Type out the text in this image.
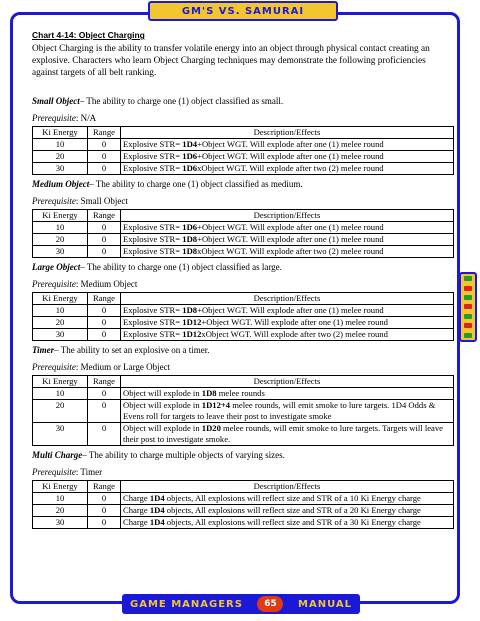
GM'S VS. SAMURAI

Chart 4-14: Object Charging

Object Charging is the ability to transfer volatile energy into an object through physical contact creating an explosive. Characters who learn Object Charging techniques may demonstrate the following proficiencies against targets of all belt ranking.

Small Object– The ability to charge one (1) object classified as small.

Prerequisite: N/A

Ki Energy	Range	Description/Effects
10	0	Explosive STR= 1D4+Object WGT. Will explode after one (1) melee round
20	0	Explosive STR= 1D6+Object WGT. Will explode after one (1) melee round
30	0	Explosive STR= 1D6xObject WGT. Will explode after two (2) melee round

Medium Object– The ability to charge one (1) object classified as medium.

Prerequisite: Small Object

Ki Energy	Range	Description/Effects
10	0	Explosive STR= 1D6+Object WGT. Will explode after one (1) melee round
20	0	Explosive STR= 1D8+Object WGT. Will explode after one (1) melee round
30	0	Explosive STR= 1D8xObject WGT. Will explode after two (2) melee round

Large Object– The ability to charge one (1) object classified as large.

Prerequisite: Medium Object

Ki Energy	Range	Description/Effects
10	0	Explosive STR= 1D8+Object WGT. Will explode after one (1) melee round
20	0	Explosive STR= 1D12+Object WGT. Will explode after one (1) melee round
30	0	Explosive STR= 1D12xObject WGT. Will explode after two (2) melee round

Timer– The ability to set an explosive on a timer.

Prerequisite: Medium or Large Object

Ki Energy	Range	Description/Effects
10	0	Object will explode in 1D8 melee rounds
20	0	Object will explode in 1D12+4 melee rounds, will emit smoke to lure targets. 1D4 Odds & Evens roll for targets to leave their post to investigate smoke
30	0	Object will explode in 1D20 melee rounds, will emit smoke to lure targets. Targets will leave their post to investigate smoke.

Multi Charge– The ability to charge multiple objects of varying sizes.

Prerequisite: Timer

Ki Energy	Range	Description/Effects
10	0	Charge 1D4 objects, All explosions will reflect size and STR of a 10 Ki Energy charge
20	0	Charge 1D4 objects, All explosions will reflect size and STR of a 20 Ki Energy charge
30	0	Charge 1D4 objects, All explosions will reflect size and STR of a 30 Ki Energy charge
GAME MANAGERS	65	MANUAL
